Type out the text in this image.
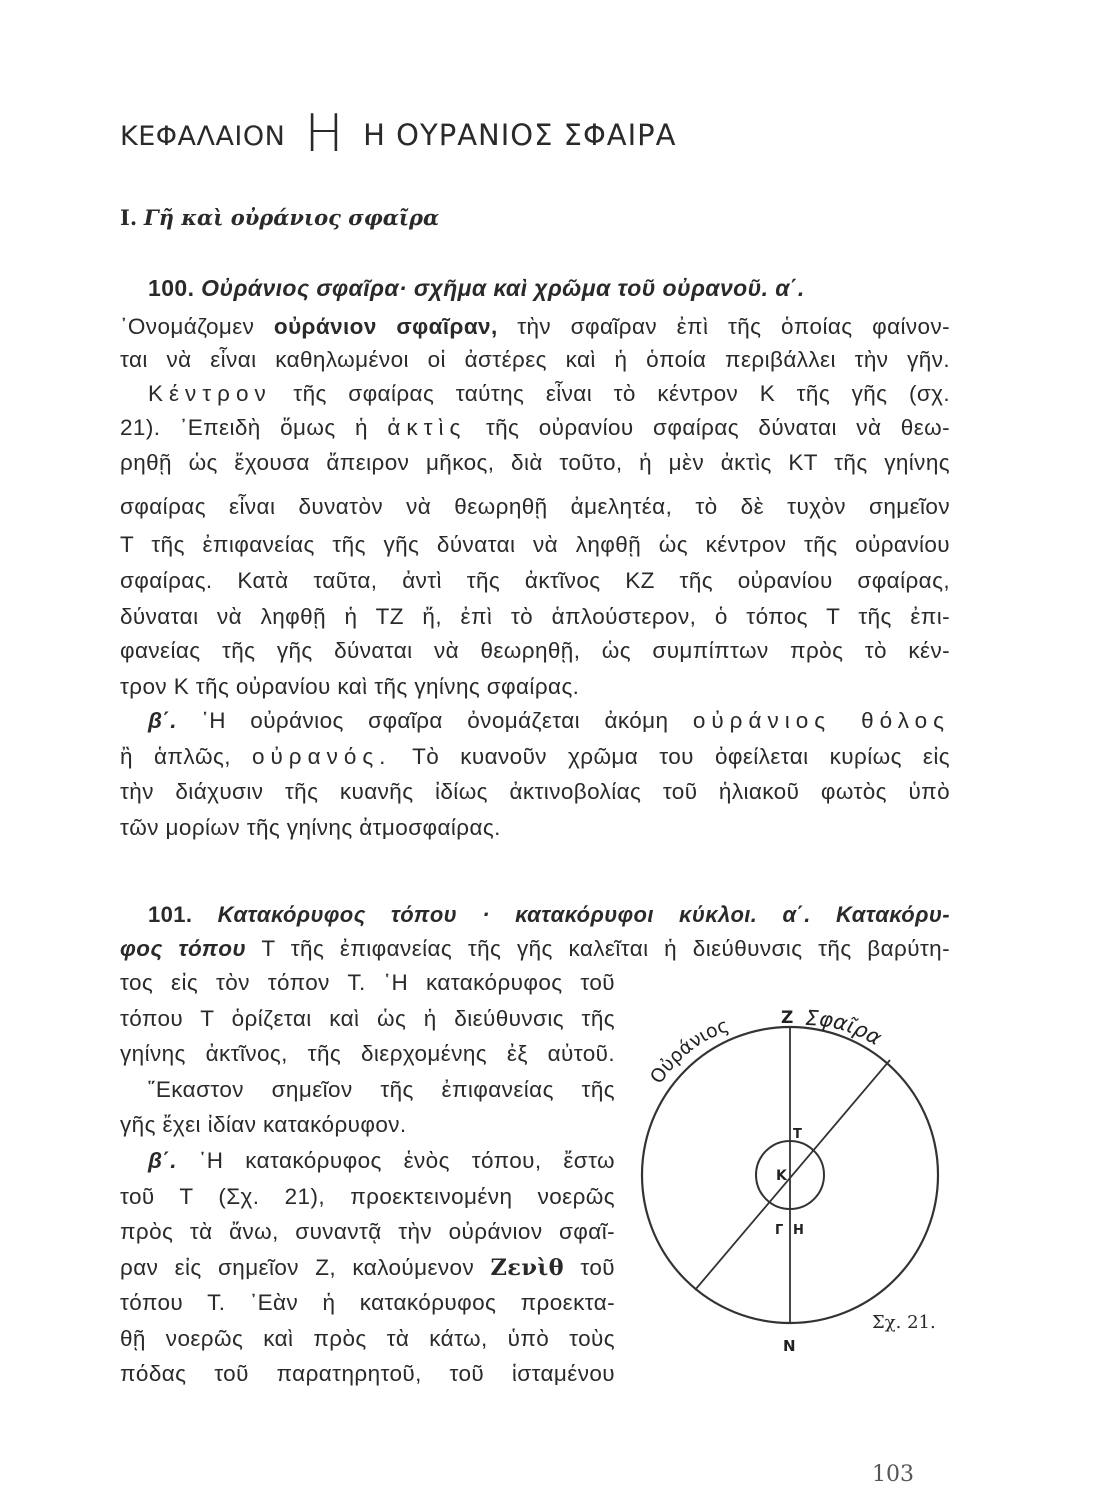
ΚΕΦΑΛΑΙΟΝ Η Η ΟΥΡΑΝΙΟΣ ΣΦΑΙΡΑ
I. Γῆ καὶ οὐράνιος σφαῖρα
100. Οὐράνιος σφαῖρα· σχῆμα καὶ χρῶμα τοῦ οὐρανοῦ. α΄.
᾿Ονομάζομεν οὐράνιον σφαῖραν, τὴν σφαῖραν ἐπὶ τῆς ὁποίας φαίνον-
ται νὰ εἶναι καθηλωμένοι οἱ ἀστέρες καὶ ἡ ὁποία περιβάλλει τὴν γῆν.
Κέντρον τῆς σφαίρας ταύτης εἶναι τὸ κέντρον Κ τῆς γῆς (σχ.
21). ᾿Επειδὴ ὅμως ἡ ἀκτὶς τῆς οὐρανίου σφαίρας δύναται νὰ θεω-
ρηθῇ ὡς ἔχουσα ἄπειρον μῆκος, διὰ τοῦτο, ἡ μὲν ἀκτὶς ΚΤ τῆς γηίνης
σφαίρας εἶναι δυνατὸν νὰ θεωρηθῇ ἀμελητέα, τὸ δὲ τυχὸν σημεῖον
Τ τῆς ἐπιφανείας τῆς γῆς δύναται νὰ ληφθῇ ὡς κέντρον τῆς οὐρανίου
σφαίρας. Κατὰ ταῦτα, ἀντὶ τῆς ἀκτῖνος ΚΖ τῆς οὐρανίου σφαίρας,
δύναται νὰ ληφθῇ ἡ ΤΖ ἤ, ἐπὶ τὸ ἁπλούστερον, ὁ τόπος Τ τῆς ἐπι-
φανείας τῆς γῆς δύναται νὰ θεωρηθῇ, ὡς συμπίπτων πρὸς τὸ κέν-
τρον Κ τῆς οὐρανίου καὶ τῆς γηίνης σφαίρας.
β΄. ῾Η οὐράνιος σφαῖρα ὀνομάζεται ἀκόμη οὐράνιος θόλος
ἢ ἁπλῶς, οὐρανός. Τὸ κυανοῦν χρῶμα του ὀφείλεται κυρίως εἰς
τὴν διάχυσιν τῆς κυανῆς ἰδίως ἀκτινοβολίας τοῦ ἡλιακοῦ φωτὸς ὑπὸ
τῶν μορίων τῆς γηίνης ἀτμοσφαίρας.
101. Κατακόρυφος τόπου · κατακόρυφοι κύκλοι. α΄. Κατακόρυ-
φος τόπου Τ τῆς ἐπιφανείας τῆς γῆς καλεῖται ἡ διεύθυνσις τῆς βαρύτη-
τος εἰς τὸν τόπον Τ. ῾Η κατακόρυφος τοῦ
τόπου Τ ὁρίζεται καὶ ὡς ἡ διεύθυνσις τῆς
γηίνης ἀκτῖνος, τῆς διερχομένης ἐξ αὐτοῦ.
῞Εκαστον σημεῖον τῆς ἐπιφανείας τῆς
γῆς ἔχει ἰδίαν κατακόρυφον.
β΄. ῾Η κατακόρυφος ἑνὸς τόπου, ἔστω
τοῦ Τ (Σχ. 21), προεκτεινομένη νοερῶς
πρὸς τὰ ἄνω, συναντᾷ τὴν οὐράνιον σφαῖ-
ραν εἰς σημεῖον Ζ, καλούμενον Ζενὶθ τοῦ
τόπου Τ. ᾿Εὰν ἡ κατακόρυφος προεκτα-
θῇ νοερῶς καὶ πρὸς τὰ κάτω, ὑπὸ τοὺς
πόδας τοῦ παρατηρητοῦ, τοῦ ἱσταμένου
Οὐράνιος	Σφαῖρα
Ζ
Τ
Κ
Γ Η
Ν
Σχ. 21.
103
